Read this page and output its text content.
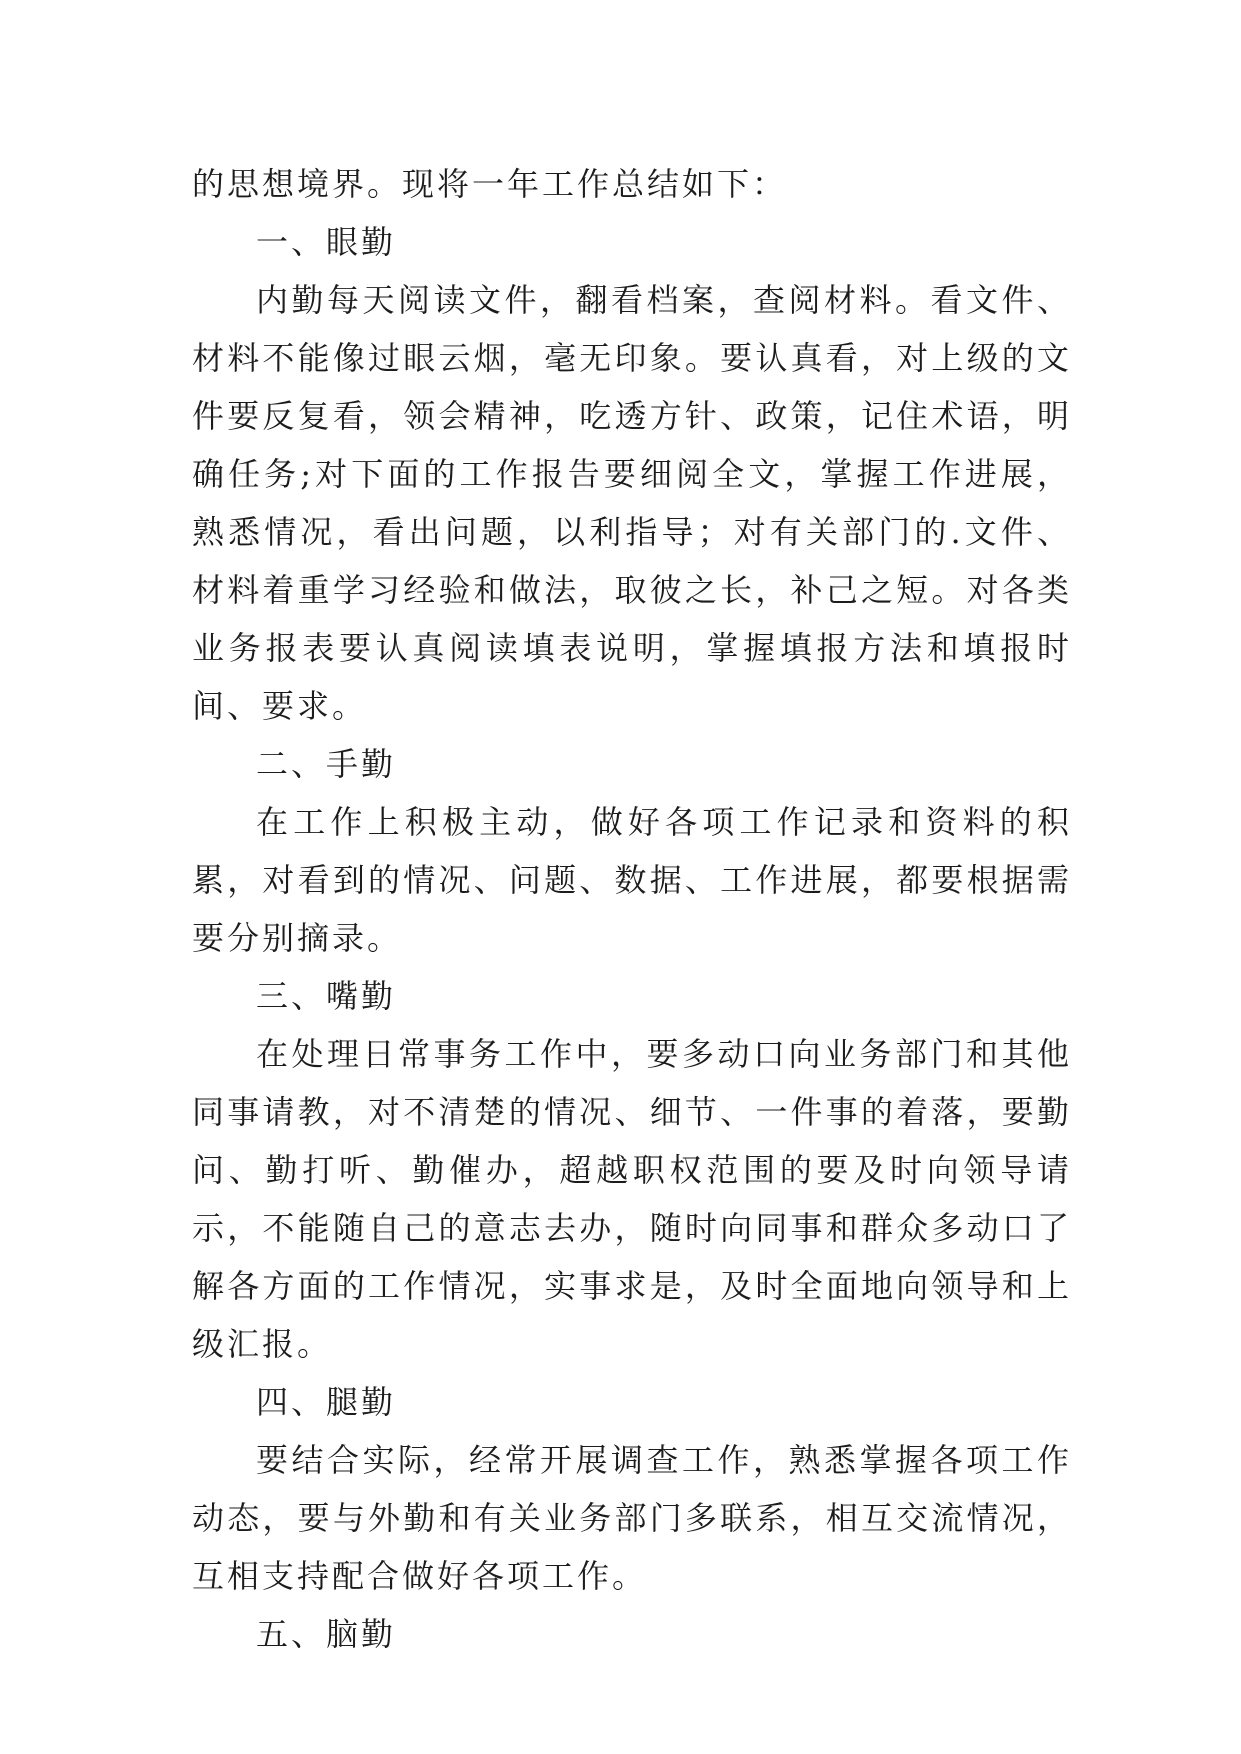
的思想境界。现将一年工作总结如下：

一、眼勤

内勤每天阅读文件，翻看档案，查阅材料。看文件、材料不能像过眼云烟，毫无印象。要认真看，对上级的文件要反复看，领会精神，吃透方针、政策，记住术语，明确任务;对下面的工作报告要细阅全文，掌握工作进展，熟悉情况，看出问题，以利指导；对有关部门的.文件、材料着重学习经验和做法，取彼之长，补己之短。对各类业务报表要认真阅读填表说明，掌握填报方法和填报时间、要求。

二、手勤

在工作上积极主动，做好各项工作记录和资料的积累，对看到的情况、问题、数据、工作进展，都要根据需要分别摘录。

三、嘴勤

在处理日常事务工作中，要多动口向业务部门和其他同事请教，对不清楚的情况、细节、一件事的着落，要勤问、勤打听、勤催办，超越职权范围的要及时向领导请示，不能随自己的意志去办，随时向同事和群众多动口了解各方面的工作情况，实事求是，及时全面地向领导和上级汇报。

四、腿勤

要结合实际，经常开展调查工作，熟悉掌握各项工作动态，要与外勤和有关业务部门多联系，相互交流情况，互相支持配合做好各项工作。

五、脑勤
